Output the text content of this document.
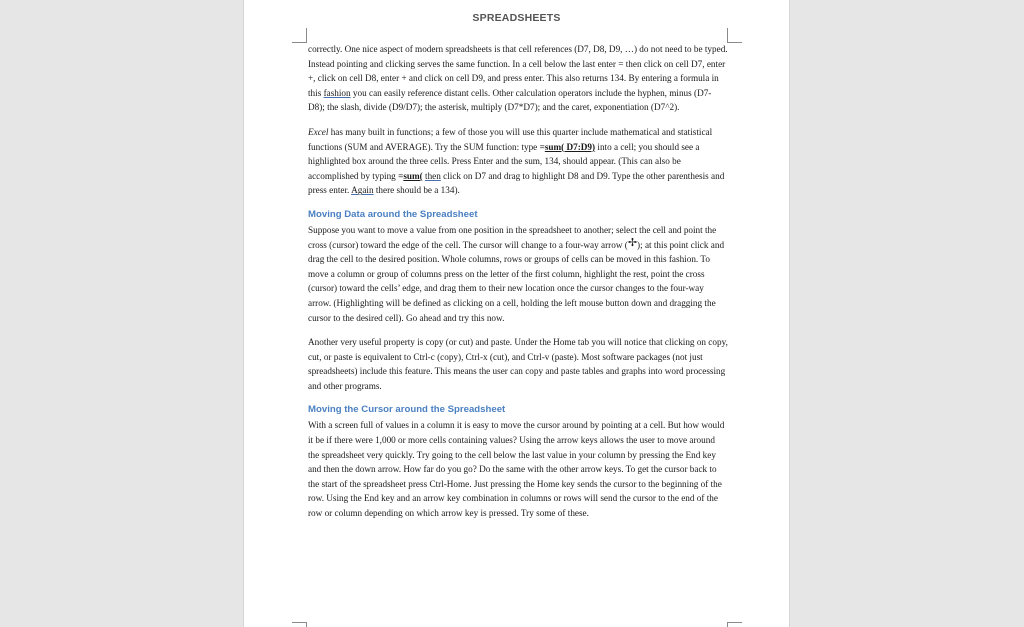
SPREADSHEETS

correctly. One nice aspect of modern spreadsheets is that cell references (D7, D8, D9, …) do not need to be typed. Instead pointing and clicking serves the same function. In a cell below the last enter = then click on cell D7, enter +, click on cell D8, enter + and click on cell D9, and press enter. This also returns 134. By entering a formula in this fashion you can easily reference distant cells. Other calculation operators include the hyphen, minus (D7-D8); the slash, divide (D9/D7); the asterisk, multiply (D7*D7); and the caret, exponentiation (D7^2).

Excel has many built in functions; a few of those you will use this quarter include mathematical and statistical functions (SUM and AVERAGE). Try the SUM function: type =sum( D7:D9) into a cell; you should see a highlighted box around the three cells. Press Enter and the sum, 134, should appear. (This can also be accomplished by typing =sum( then click on D7 and drag to highlight D8 and D9. Type the other parenthesis and press enter. Again there should be a 134).

Moving Data around the Spreadsheet

Suppose you want to move a value from one position in the spreadsheet to another; select the cell and point the cross (cursor) toward the edge of the cell. The cursor will change to a four-way arrow (✢); at this point click and drag the cell to the desired position. Whole columns, rows or groups of cells can be moved in this fashion. To move a column or group of columns press on the letter of the first column, highlight the rest, point the cross (cursor) toward the cells’ edge, and drag them to their new location once the cursor changes to the four-way arrow. (Highlighting will be defined as clicking on a cell, holding the left mouse button down and dragging the cursor to the desired cell). Go ahead and try this now.

Another very useful property is copy (or cut) and paste. Under the Home tab you will notice that clicking on copy, cut, or paste is equivalent to Ctrl-c (copy), Ctrl-x (cut), and Ctrl-v (paste). Most software packages (not just spreadsheets) include this feature. This means the user can copy and paste tables and graphs into word processing and other programs.

Moving the Cursor around the Spreadsheet

With a screen full of values in a column it is easy to move the cursor around by pointing at a cell. But how would it be if there were 1,000 or more cells containing values? Using the arrow keys allows the user to move around the spreadsheet very quickly. Try going to the cell below the last value in your column by pressing the End key and then the down arrow. How far do you go? Do the same with the other arrow keys. To get the cursor back to the start of the spreadsheet press Ctrl-Home. Just pressing the Home key sends the cursor to the beginning of the row. Using the End key and an arrow key combination in columns or rows will send the cursor to the end of the row or column depending on which arrow key is pressed. Try some of these.
